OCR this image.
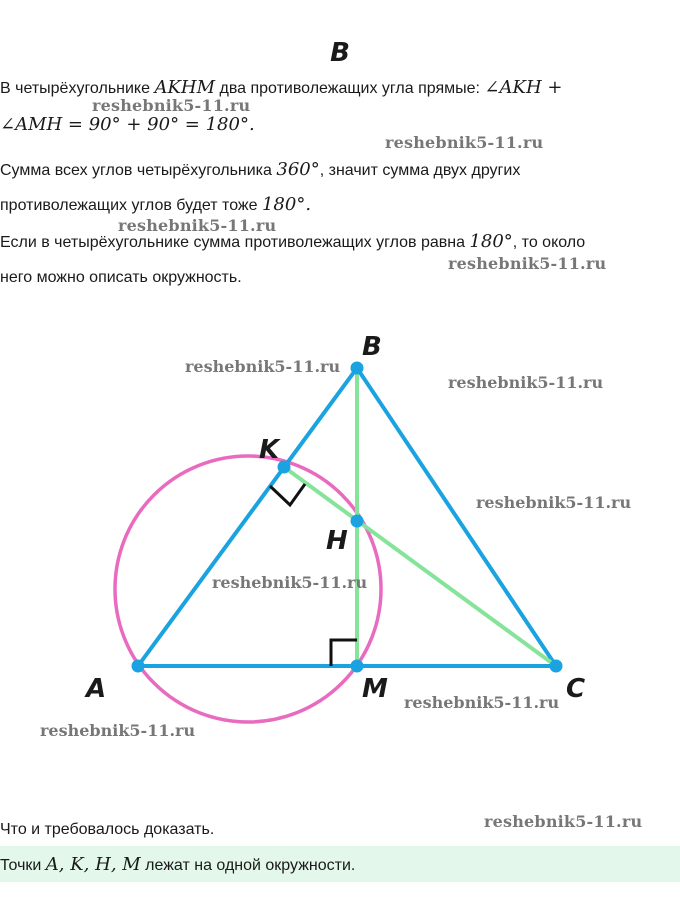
B
В четырёхугольнике AKHM два противолежащих угла прямые: ∠AKH +
∠AMH = 90° + 90° = 180°.
Сумма всех углов четырёхугольника 360°, значит сумма двух других
противолежащих углов будет тоже 180°.
Если в четырёхугольнике сумма противолежащих углов равна 180°, то около
него можно описать окружность.
reshebnik5-11.ru
reshebnik5-11.ru
reshebnik5-11.ru
reshebnik5-11.ru
A
B
C
K
H
M
reshebnik5-11.ru
reshebnik5-11.ru
reshebnik5-11.ru
reshebnik5-11.ru
reshebnik5-11.ru
reshebnik5-11.ru
Что и требовалось доказать.	reshebnik5-11.ru
Точки A, K, H, M лежат на одной окружности.
